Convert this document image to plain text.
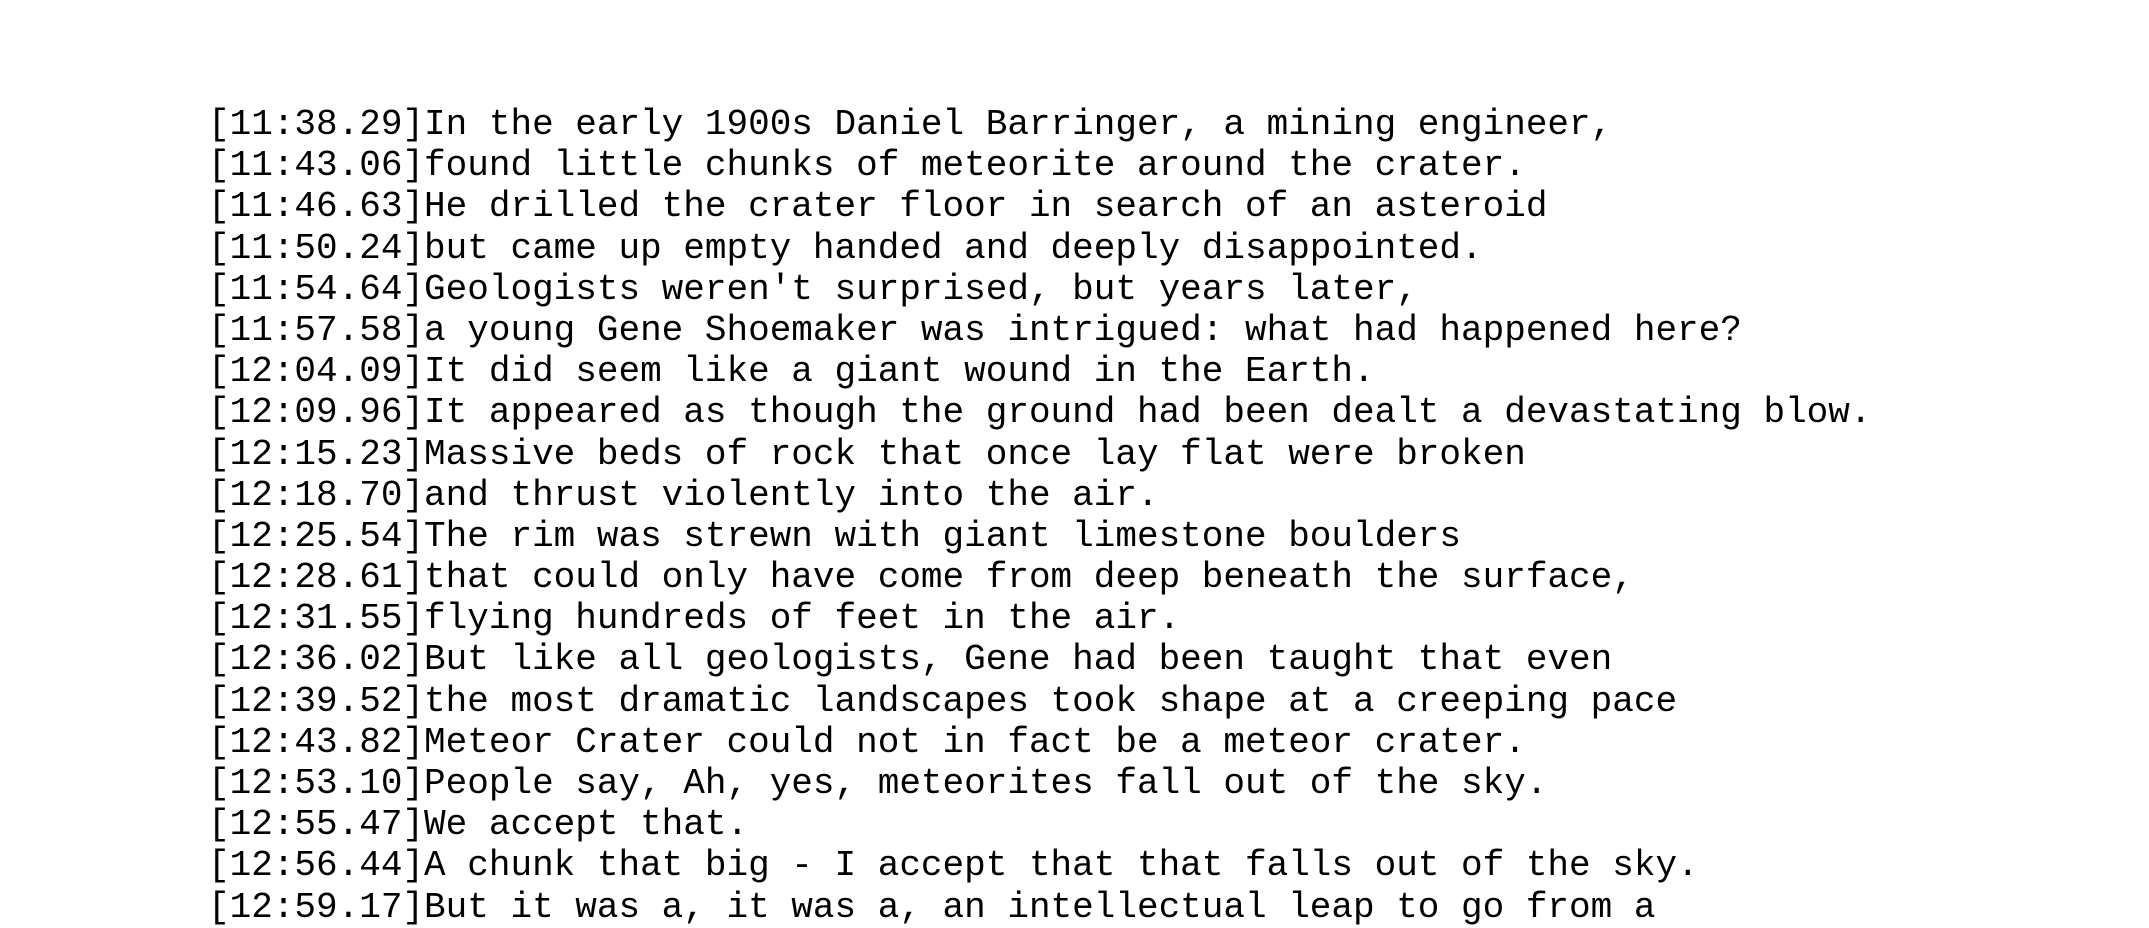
[11:38.29]In the early 1900s Daniel Barringer, a mining engineer,
[11:43.06]found little chunks of meteorite around the crater.
[11:46.63]He drilled the crater floor in search of an asteroid
[11:50.24]but came up empty handed and deeply disappointed.
[11:54.64]Geologists weren't surprised, but years later,
[11:57.58]a young Gene Shoemaker was intrigued: what had happened here?
[12:04.09]It did seem like a giant wound in the Earth.
[12:09.96]It appeared as though the ground had been dealt a devastating blow.
[12:15.23]Massive beds of rock that once lay flat were broken
[12:18.70]and thrust violently into the air.
[12:25.54]The rim was strewn with giant limestone boulders
[12:28.61]that could only have come from deep beneath the surface,
[12:31.55]flying hundreds of feet in the air.
[12:36.02]But like all geologists, Gene had been taught that even
[12:39.52]the most dramatic landscapes took shape at a creeping pace
[12:43.82]Meteor Crater could not in fact be a meteor crater.
[12:53.10]People say, Ah, yes, meteorites fall out of the sky.
[12:55.47]We accept that.
[12:56.44]A chunk that big - I accept that that falls out of the sky.
[12:59.17]But it was a, it was a, an intellectual leap to go from a
